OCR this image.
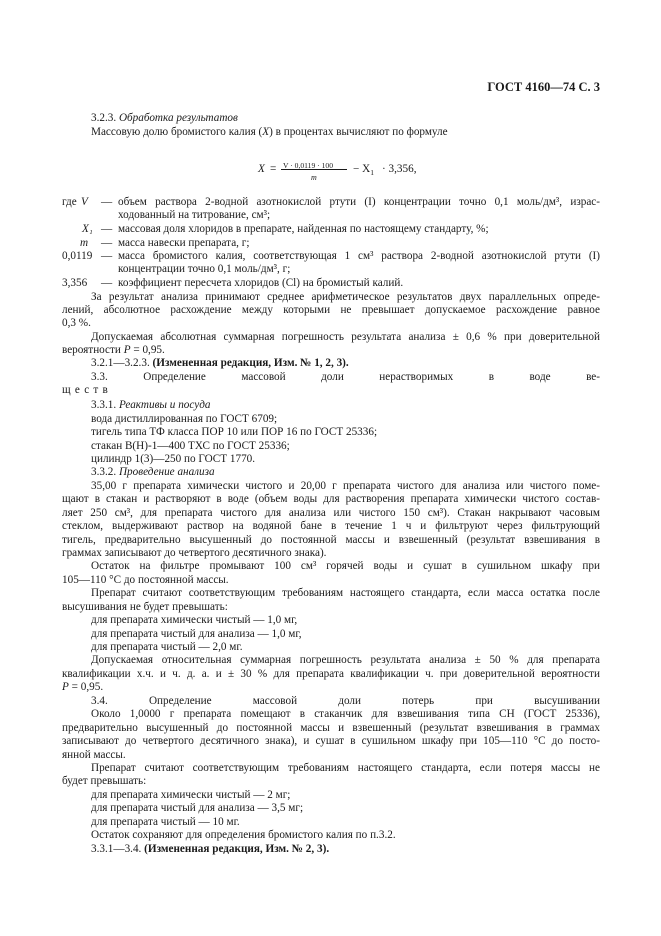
ГОСТ 4160—74 С. 3
3.2.3. Обработка результатов
Массовую долю бромистого калия (X) в процентах вычисляют по формуле
X = V · 0,0119 · 100
m
− $X_1 \cdot 3,356$,
где V — объем раствора 2-водной азотнокислой ртути (I) концентрации точно 0,1 моль/дм³, израс-
ходованный на титрование, см³;
X₁ — массовая доля хлоридов в препарате, найденная по настоящему стандарту, %;
m — масса навески препарата, г;
0,0119 — масса бромистого калия, соответствующая 1 см³ раствора 2-водной азотнокислой ртути (I)
концентрации точно 0,1 моль/дм³, г;
3,356 — коэффициент пересчета хлоридов (Cl) на бромистый калий.
За результат анализа принимают среднее арифметическое результатов двух параллельных опреде-
лений, абсолютное расхождение между которыми не превышает допускаемое расхождение равное
0,3 %.
Допускаемая абсолютная суммарная погрешность результата анализа ± 0,6 % при доверительной
вероятности P = 0,95.
3.2.1—3.2.3. (Измененная редакция, Изм. № 1, 2, 3).
3.3. Определение массовой доли нерастворимых в воде ве-
ществ
3.3.1. Реактивы и посуда
вода дистиллированная по ГОСТ 6709;
тигель типа ТФ класса ПОР 10 или ПОР 16 по ГОСТ 25336;
стакан В(Н)-1—400 ТХС по ГОСТ 25336;
цилиндр 1(3)—250 по ГОСТ 1770.
3.3.2. Проведение анализа
35,00 г препарата химически чистого и 20,00 г препарата чистого для анализа или чистого поме-
щают в стакан и растворяют в воде (объем воды для растворения препарата химически чистого состав-
ляет 250 см³, для препарата чистого для анализа или чистого 150 см³). Стакан накрывают часовым
стеклом, выдерживают раствор на водяной бане в течение 1 ч и фильтруют через фильтрующий
тигель, предварительно высушенный до постоянной массы и взвешенный (результат взвешивания в
граммах записывают до четвертого десятичного знака).
Остаток на фильтре промывают 100 см³ горячей воды и сушат в сушильном шкафу при
105—110 °С до постоянной массы.
Препарат считают соответствующим требованиям настоящего стандарта, если масса остатка после
высушивания не будет превышать:
для препарата химически чистый — 1,0 мг,
для препарата чистый для анализа — 1,0 мг,
для препарата чистый — 2,0 мг.
Допускаемая относительная суммарная погрешность результата анализа ± 50 % для препарата
квалификации х.ч. и ч. д. а. и ± 30 % для препарата квалификации ч. при доверительной вероятности
P = 0,95.
3.4. Определение массовой доли потерь при высушивании
Около 1,0000 г препарата помещают в стаканчик для взвешивания типа СН (ГОСТ 25336),
предварительно высушенный до постоянной массы и взвешенный (результат взвешивания в граммах
записывают до четвертого десятичного знака), и сушат в сушильном шкафу при 105—110 °С до посто-
янной массы.
Препарат считают соответствующим требованиям настоящего стандарта, если потеря массы не
будет превышать:
для препарата химически чистый — 2 мг;
для препарата чистый для анализа — 3,5 мг;
для препарата чистый — 10 мг.
Остаток сохраняют для определения бромистого калия по п.3.2.
3.3.1—3.4. (Измененная редакция, Изм. № 2, 3).
